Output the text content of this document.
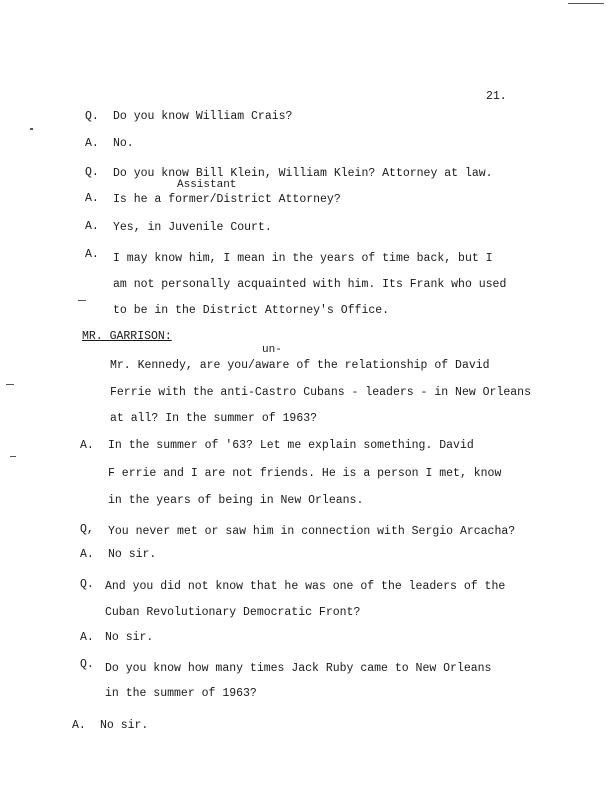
21.
Q. Do you know William Crais?
A. No.
Q. Do you know Bill Klein, William Klein? Attorney at law.
Assistant
A. Is he a former/District Attorney?
A. Yes, in Juvenile Court.
A. I may know him, I mean in the years of time back, but I
am not personally acquainted with him. Its Frank who used
to be in the District Attorney's Office.
MR. GARRISON:
un-
Mr. Kennedy, are you/aware of the relationship of David
Ferrie with the anti-Castro Cubans - leaders - in New Orleans
at all? In the summer of 1963?
A. In the summer of '63? Let me explain something. David
F errie and I are not friends. He is a person I met, know
in the years of being in New Orleans.
Q, You never met or saw him in connection with Sergio Arcacha?
A. No sir.
Q. And you did not know that he was one of the leaders of the
Cuban Revolutionary Democratic Front?
A. No sir.
Q. Do you know how many times Jack Ruby came to New Orleans
in the summer of 1963?
A. No sir.
